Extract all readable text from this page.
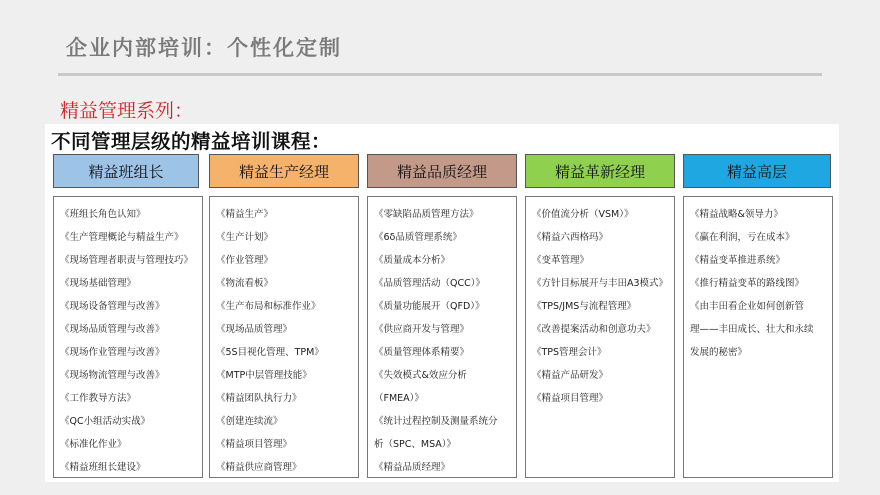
企业内部培训：个性化定制
精益管理系列：
不同管理层级的精益培训课程：
精益班组长
《班组长角色认知》
《生产管理概论与精益生产》
《现场管理者职责与管理技巧》
《现场基础管理》
《现场设备管理与改善》
《现场品质管理与改善》
《现场作业管理与改善》
《现场物流管理与改善》
《工作教导方法》
《QC小组活动实战》
《标准化作业》
《精益班组长建设》
精益生产经理
《精益生产》
《生产计划》
《作业管理》
《物流看板》
《生产布局和标准作业》
《现场品质管理》
《5S目视化管理、TPM》
《MTP中层管理技能》
《精益团队执行力》
《创建连续流》
《精益项目管理》
《精益供应商管理》
精益品质经理
《零缺陷品质管理方法》
《6δ品质管理系统》
《质量成本分析》
《品质管理活动（QCC）》
《质量功能展开（QFD）》
《供应商开发与管理》
《质量管理体系精要》
《失效模式&效应分析
（FMEA）》
《统计过程控制及测量系统分
析（SPC、MSA）》
《精益品质经理》
精益革新经理
《价值流分析（VSM）》
《精益六西格玛》
《变革管理》
《方针目标展开与丰田A3模式》
《TPS/JMS与流程管理》
《改善提案活动和创意功夫》
《TPS管理会计》
《精益产品研发》
《精益项目管理》
精益高层
《精益战略&领导力》
《赢在利润，亏在成本》
《精益变革推进系统》
《推行精益变革的路线图》
《由丰田看企业如何创新管
理——丰田成长、壮大和永续
发展的秘密》
